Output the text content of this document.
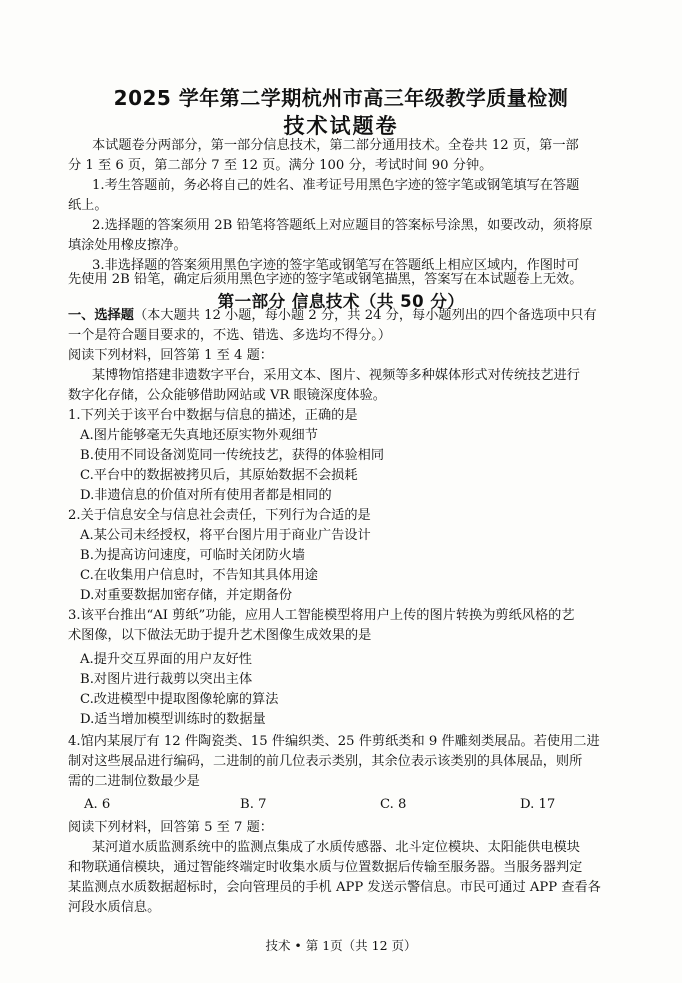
2025 学年第二学期杭州市高三年级教学质量检测
技术试题卷
本试题卷分两部分，第一部分信息技术，第二部分通用技术。全卷共 12 页，第一部
分 1 至 6 页，第二部分 7 至 12 页。满分 100 分，考试时间 90 分钟。
1.考生答题前，务必将自己的姓名、准考证号用黑色字迹的签字笔或钢笔填写在答题
纸上。
2.选择题的答案须用 2B 铅笔将答题纸上对应题目的答案标号涂黑，如要改动，须将原
填涂处用橡皮擦净。
3.非选择题的答案须用黑色字迹的签字笔或钢笔写在答题纸上相应区域内，作图时可
第一部分 信息技术（共 50 分）
一、选择题（本大题共 12 小题，每小题 2 分，共 24 分，每小题列出的四个备选项中只有
一个是符合题目要求的，不选、错选、多选均不得分。）
阅读下列材料，回答第 1 至 4 题：
某博物馆搭建非遗数字平台，采用文本、图片、视频等多种媒体形式对传统技艺进行
数字化存储，公众能够借助网站或 VR 眼镜深度体验。
1.下列关于该平台中数据与信息的描述，正确的是
A.图片能够毫无失真地还原实物外观细节
B.使用不同设备浏览同一传统技艺，获得的体验相同
C.平台中的数据被拷贝后，其原始数据不会损耗
D.非遗信息的价值对所有使用者都是相同的
2.关于信息安全与信息社会责任，下列行为合适的是
A.某公司未经授权，将平台图片用于商业广告设计
B.为提高访问速度，可临时关闭防火墙
C.在收集用户信息时，不告知其具体用途
D.对重要数据加密存储，并定期备份
3.该平台推出“AI 剪纸”功能，应用人工智能模型将用户上传的图片转换为剪纸风格的艺
术图像，以下做法无助于提升艺术图像生成效果的是
A.提升交互界面的用户友好性
B.对图片进行裁剪以突出主体
C.改进模型中提取图像轮廓的算法
D.适当增加模型训练时的数据量
4.馆内某展厅有 12 件陶瓷类、15 件编织类、25 件剪纸类和 9 件雕刻类展品。若使用二进
制对这些展品进行编码，二进制的前几位表示类别，其余位表示该类别的具体展品，则所
需的二进制位数最少是
A. 6	B. 7	C. 8	D. 17
阅读下列材料，回答第 5 至 7 题：
某河道水质监测系统中的监测点集成了水质传感器、北斗定位模块、太阳能供电模块
和物联通信模块，通过智能终端定时收集水质与位置数据后传输至服务器。当服务器判定
某监测点水质数据超标时，会向管理员的手机 APP 发送示警信息。市民可通过 APP 查看各
河段水质信息。
技术 • 第 1页（共 12 页）
先使用 2B 铅笔，确定后须用黑色字迹的签字笔或钢笔描黑，答案写在本试题卷上无效。
